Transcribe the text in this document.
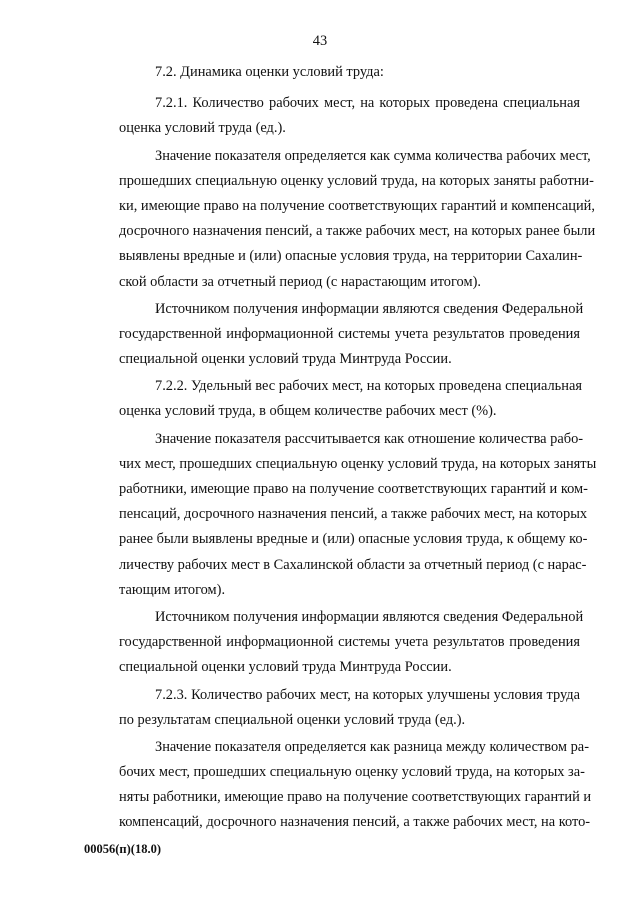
43
7.2. Динамика оценки условий труда:
7.2.1. Количество рабочих мест, на которых проведена специальная
оценка условий труда (ед.).
Значение показателя определяется как сумма количества рабочих мест,
прошедших специальную оценку условий труда, на которых заняты работни-
ки, имеющие право на получение соответствующих гарантий и компенсаций,
досрочного назначения пенсий, а также рабочих мест, на которых ранее были
выявлены вредные и (или) опасные условия труда, на территории Сахалин-
ской области за отчетный период (с нарастающим итогом).
Источником получения информации являются сведения Федеральной
государственной информационной системы учета результатов проведения
специальной оценки условий труда Минтруда России.
7.2.2. Удельный вес рабочих мест, на которых проведена специальная
оценка условий труда, в общем количестве рабочих мест (%).
Значение показателя рассчитывается как отношение количества рабо-
чих мест, прошедших специальную оценку условий труда, на которых заняты
работники, имеющие право на получение соответствующих гарантий и ком-
пенсаций, досрочного назначения пенсий, а также рабочих мест, на которых
ранее были выявлены вредные и (или) опасные условия труда, к общему ко-
личеству рабочих мест в Сахалинской области за отчетный период (с нарас-
тающим итогом).
Источником получения информации являются сведения Федеральной
государственной информационной системы учета результатов проведения
специальной оценки условий труда Минтруда России.
7.2.3. Количество рабочих мест, на которых улучшены условия труда
по результатам специальной оценки условий труда (ед.).
Значение показателя определяется как разница между количеством ра-
бочих мест, прошедших специальную оценку условий труда, на которых за-
няты работники, имеющие право на получение соответствующих гарантий и
компенсаций, досрочного назначения пенсий, а также рабочих мест, на кото-
00056(п)(18.0)
